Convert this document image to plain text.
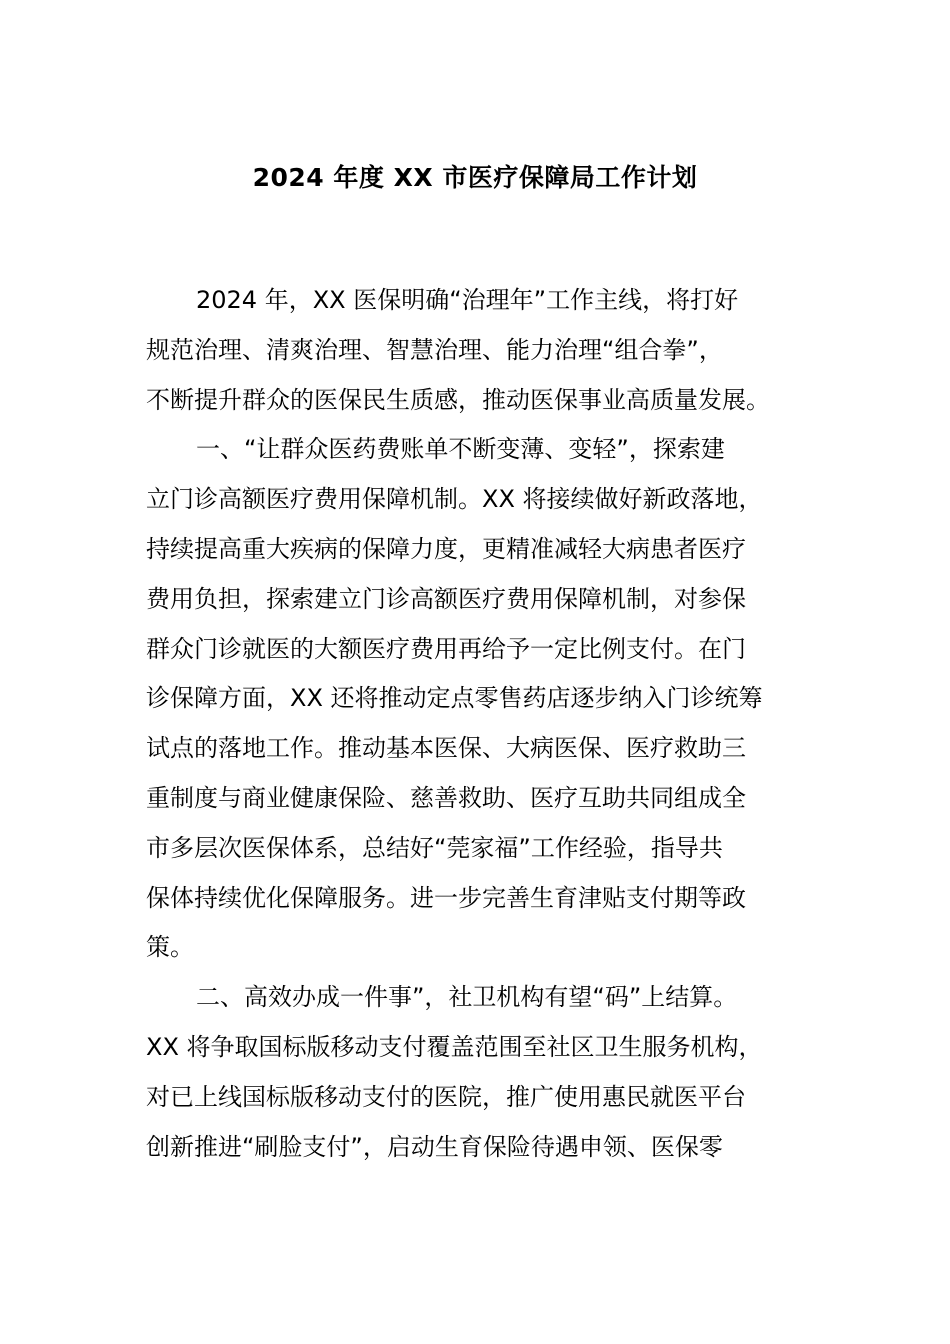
2024 年度 XX 市医疗保障局工作计划
2024 年，XX 医保明确“治理年”工作主线，将打好
规范治理、清爽治理、智慧治理、能力治理“组合拳”，
不断提升群众的医保民生质感，推动医保事业高质量发展。
一、“让群众医药费账单不断变薄、变轻”，探索建
立门诊高额医疗费用保障机制。XX 将接续做好新政落地，
持续提高重大疾病的保障力度，更精准减轻大病患者医疗
费用负担，探索建立门诊高额医疗费用保障机制，对参保
群众门诊就医的大额医疗费用再给予一定比例支付。在门
诊保障方面，XX 还将推动定点零售药店逐步纳入门诊统筹
试点的落地工作。推动基本医保、大病医保、医疗救助三
重制度与商业健康保险、慈善救助、医疗互助共同组成全
市多层次医保体系，总结好“莞家福”工作经验，指导共
保体持续优化保障服务。进一步完善生育津贴支付期等政
策。
二、高效办成一件事”，社卫机构有望“码”上结算。
XX 将争取国标版移动支付覆盖范围至社区卫生服务机构，
对已上线国标版移动支付的医院，推广使用惠民就医平台
创新推进“刷脸支付”，启动生育保险待遇申领、医保零
